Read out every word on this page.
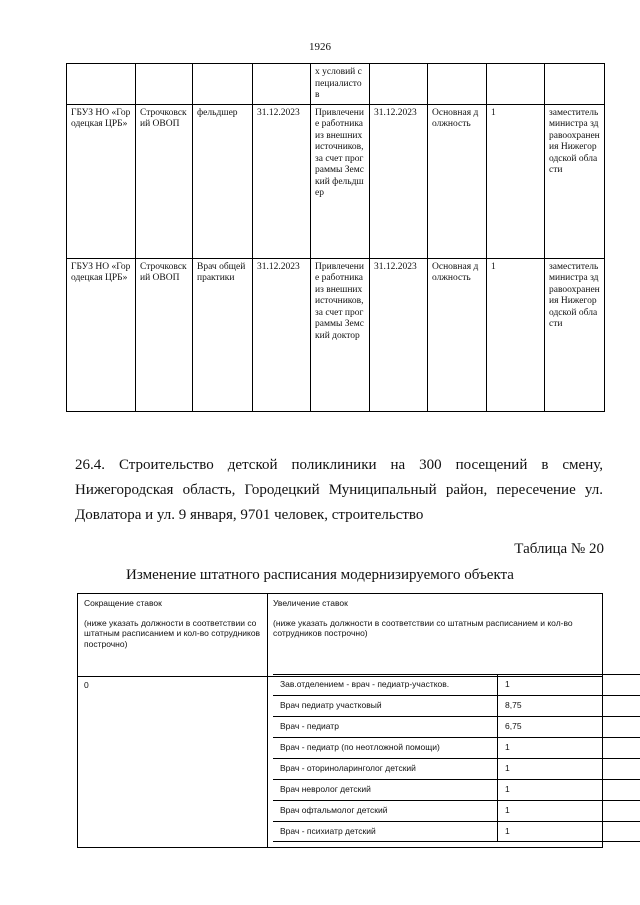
1926
				х условий специалистов				
ГБУЗ НО «Городецкая ЦРБ»	Строчковский ОВОП	фельдшер	31.12.2023	Привлечение работника из внешних источников, за счет программы Земский фельдшер	31.12.2023	Основная должность	1	заместитель министра здравоохранения Нижегородской области
ГБУЗ НО «Городецкая ЦРБ»	Строчковский ОВОП	Врач общей практики	31.12.2023	Привлечение работника из внешних источников, за счет программы Земский доктор	31.12.2023	Основная должность	1	заместитель министра здравоохранения Нижегородской области

26.4. Строительство детской поликлиники на 300 посещений в смену, Нижегородская область, Городецкий Муниципальный район, пересечение ул. Довлатора и ул. 9 января, 9701 человек, строительство

Таблица № 20
Изменение штатного расписания модернизируемого объекта
Сокращение ставок
(ниже указать должности в соответствии со штатным расписанием и кол-во сотрудников построчно)
Увеличение ставок
(ниже указать должности в соответствии со штатным расписанием и кол-во сотрудников построчно)
0	Зав.отделением - врач - педиатр-участков.	1
Врач педиатр участковый	8,75
Врач - педиатр	6,75
Врач - педиатр (по неотложной помощи)	1
Врач - оториноларинголог детский	1
Врач невролог детский	1
Врач офтальмолог детский	1
Врач - психиатр детский	1
